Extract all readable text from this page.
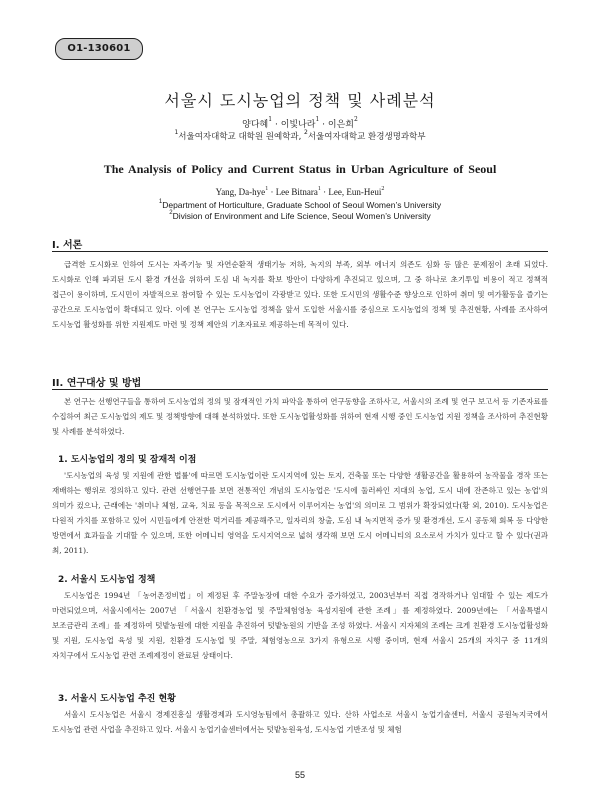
O1-130601
서울시 도시농업의 정책 및 사례분석
양다혜$^1$ · 이빛나라$^1$ · 이은희$^2$
$^1$서울여자대학교 대학원 원예학과, $^2$서울여자대학교 환경생명과학부
The Analysis of Policy and Current Status in Urban Agriculture of Seoul
Yang, Da-hye$^1$ · Lee Bitnara$^1$ · Lee, Eun-Heui$^2$
$^1$Department of Horticulture, Graduate School of Seoul Women’s University
$^2$Division of Environment and Life Science, Seoul Women’s University
I. 서론

급격한 도시화로 인하여 도시는 자족기능 및 자연순환적 생태기능 저하, 녹지의 부족, 외부 에너지 의존도 심화 등 많은 문제점이 초래 되었다. 도시화로 인해 파괴된 도시 환경 개선을 위하여 도심 내 녹지를 확보 방안이 다양하게 추진되고 있으며, 그 중 하나로 초기투입 비용이 적고 정책적 접근이 용이하며, 도시민이 자발적으로 참여할 수 있는 도시농업이 각광받고 있다. 또한 도시민의 생활수준 향상으로 인하여 취미 및 여가활동을 즐기는 공간으로 도시농업이 확대되고 있다. 이에 본 연구는 도시농업 정책을 앞서 도입한 서울시를 중심으로 도시농업의 정책 및 추진현황, 사례를 조사하여 도시농업 활성화를 위한 지원제도 마련 및 정책 제안의 기초자료로 제공하는데 목적이 있다.

II. 연구대상 및 방법

본 연구는 선행연구들을 통하여 도시농업의 정의 및 잠재적인 가치 파악을 통하여 연구동향을 조하사고, 서울시의 조례 및 연구 보고서 등 기존자료를 수집하여 최근 도시농업의 제도 및 정책방향에 대해 분석하였다. 또한 도시농업활성화를 위하여 현재 시행 중인 도시농업 지원 정책을 조사하여 추진현황 및 사례를 분석하였다.

1. 도시농업의 정의 및 잠재적 이점

'도시농업의 육성 및 지원에 관한 법률'에 따르면 도시농업이란 도시지역에 있는 토지, 건축물 또는 다양한 생활공간을 활용하여 농작물을 경작 또는 재배하는 행위로 정의하고 있다. 관련 선행연구를 보면 전통적인 개념의 도시농업은 '도시에 둘러싸인 지대의 농업, 도시 내에 잔존하고 있는 농업'의 의미가 컸으나, 근래에는 '취미나 체험, 교육, 치료 등을 목적으로 도시에서 이루어지는 농업'의 의미로 그 범위가 확장되었다(황 외, 2010). 도시농업은 다원적 가치를 포함하고 있어 시민들에게 안전한 먹거리를 제공해주고, 일자리의 창출, 도심 내 녹지면적 증가 및 환경개선, 도시 공동체 회복 등 다양한 방면에서 효과들을 기대할 수 있으며, 또한 어메니티 영역을 도시지역으로 넓혀 생각해 보면 도시 어메니티의 요소로서 가치가 있다고 할 수 있다(권과 최, 2011).

2. 서울시 도시농업 정책

도시농업은 1994년 「농어촌정비법」이 제정된 후 주말농장에 대한 수요가 증가하였고, 2003년부터 직접 경작하거나 임대할 수 있는 제도가 마련되었으며, 서울시에서는 2007년 「서울시 친환경농업 및 주말체험영농 육성지원에 관한 조례」를 제정하였다. 2009년에는 「서울특별시 보조금관리 조례」를 제정하여 텃밭농원에 대한 지원을 추진하여 텃밭농원의 기반을 조성 하였다. 서울시 지자체의 조례는 크게 친환경 도시농업활성화 및 지원, 도시농업 육성 및 지원, 친환경 도시농업 및 주말, 체험영농으로 3가지 유형으로 시행 중이며, 현재 서울시 25개의 자치구 중 11개의 자치구에서 도시농업 관련 조례제정이 완료된 상태이다.

3. 서울시 도시농업 추진 현황

서울시 도시농업은 서울시 경제진흥실 생활경제과 도시영농팀에서 총괄하고 있다. 산하 사업소로 서울시 농업기술센터, 서울시 공원녹지국에서 도시농업 관련 사업을 추진하고 있다. 서울시 농업기술센터에서는 텃밭농원육성, 도시농업 기반조성 및 체험

55
